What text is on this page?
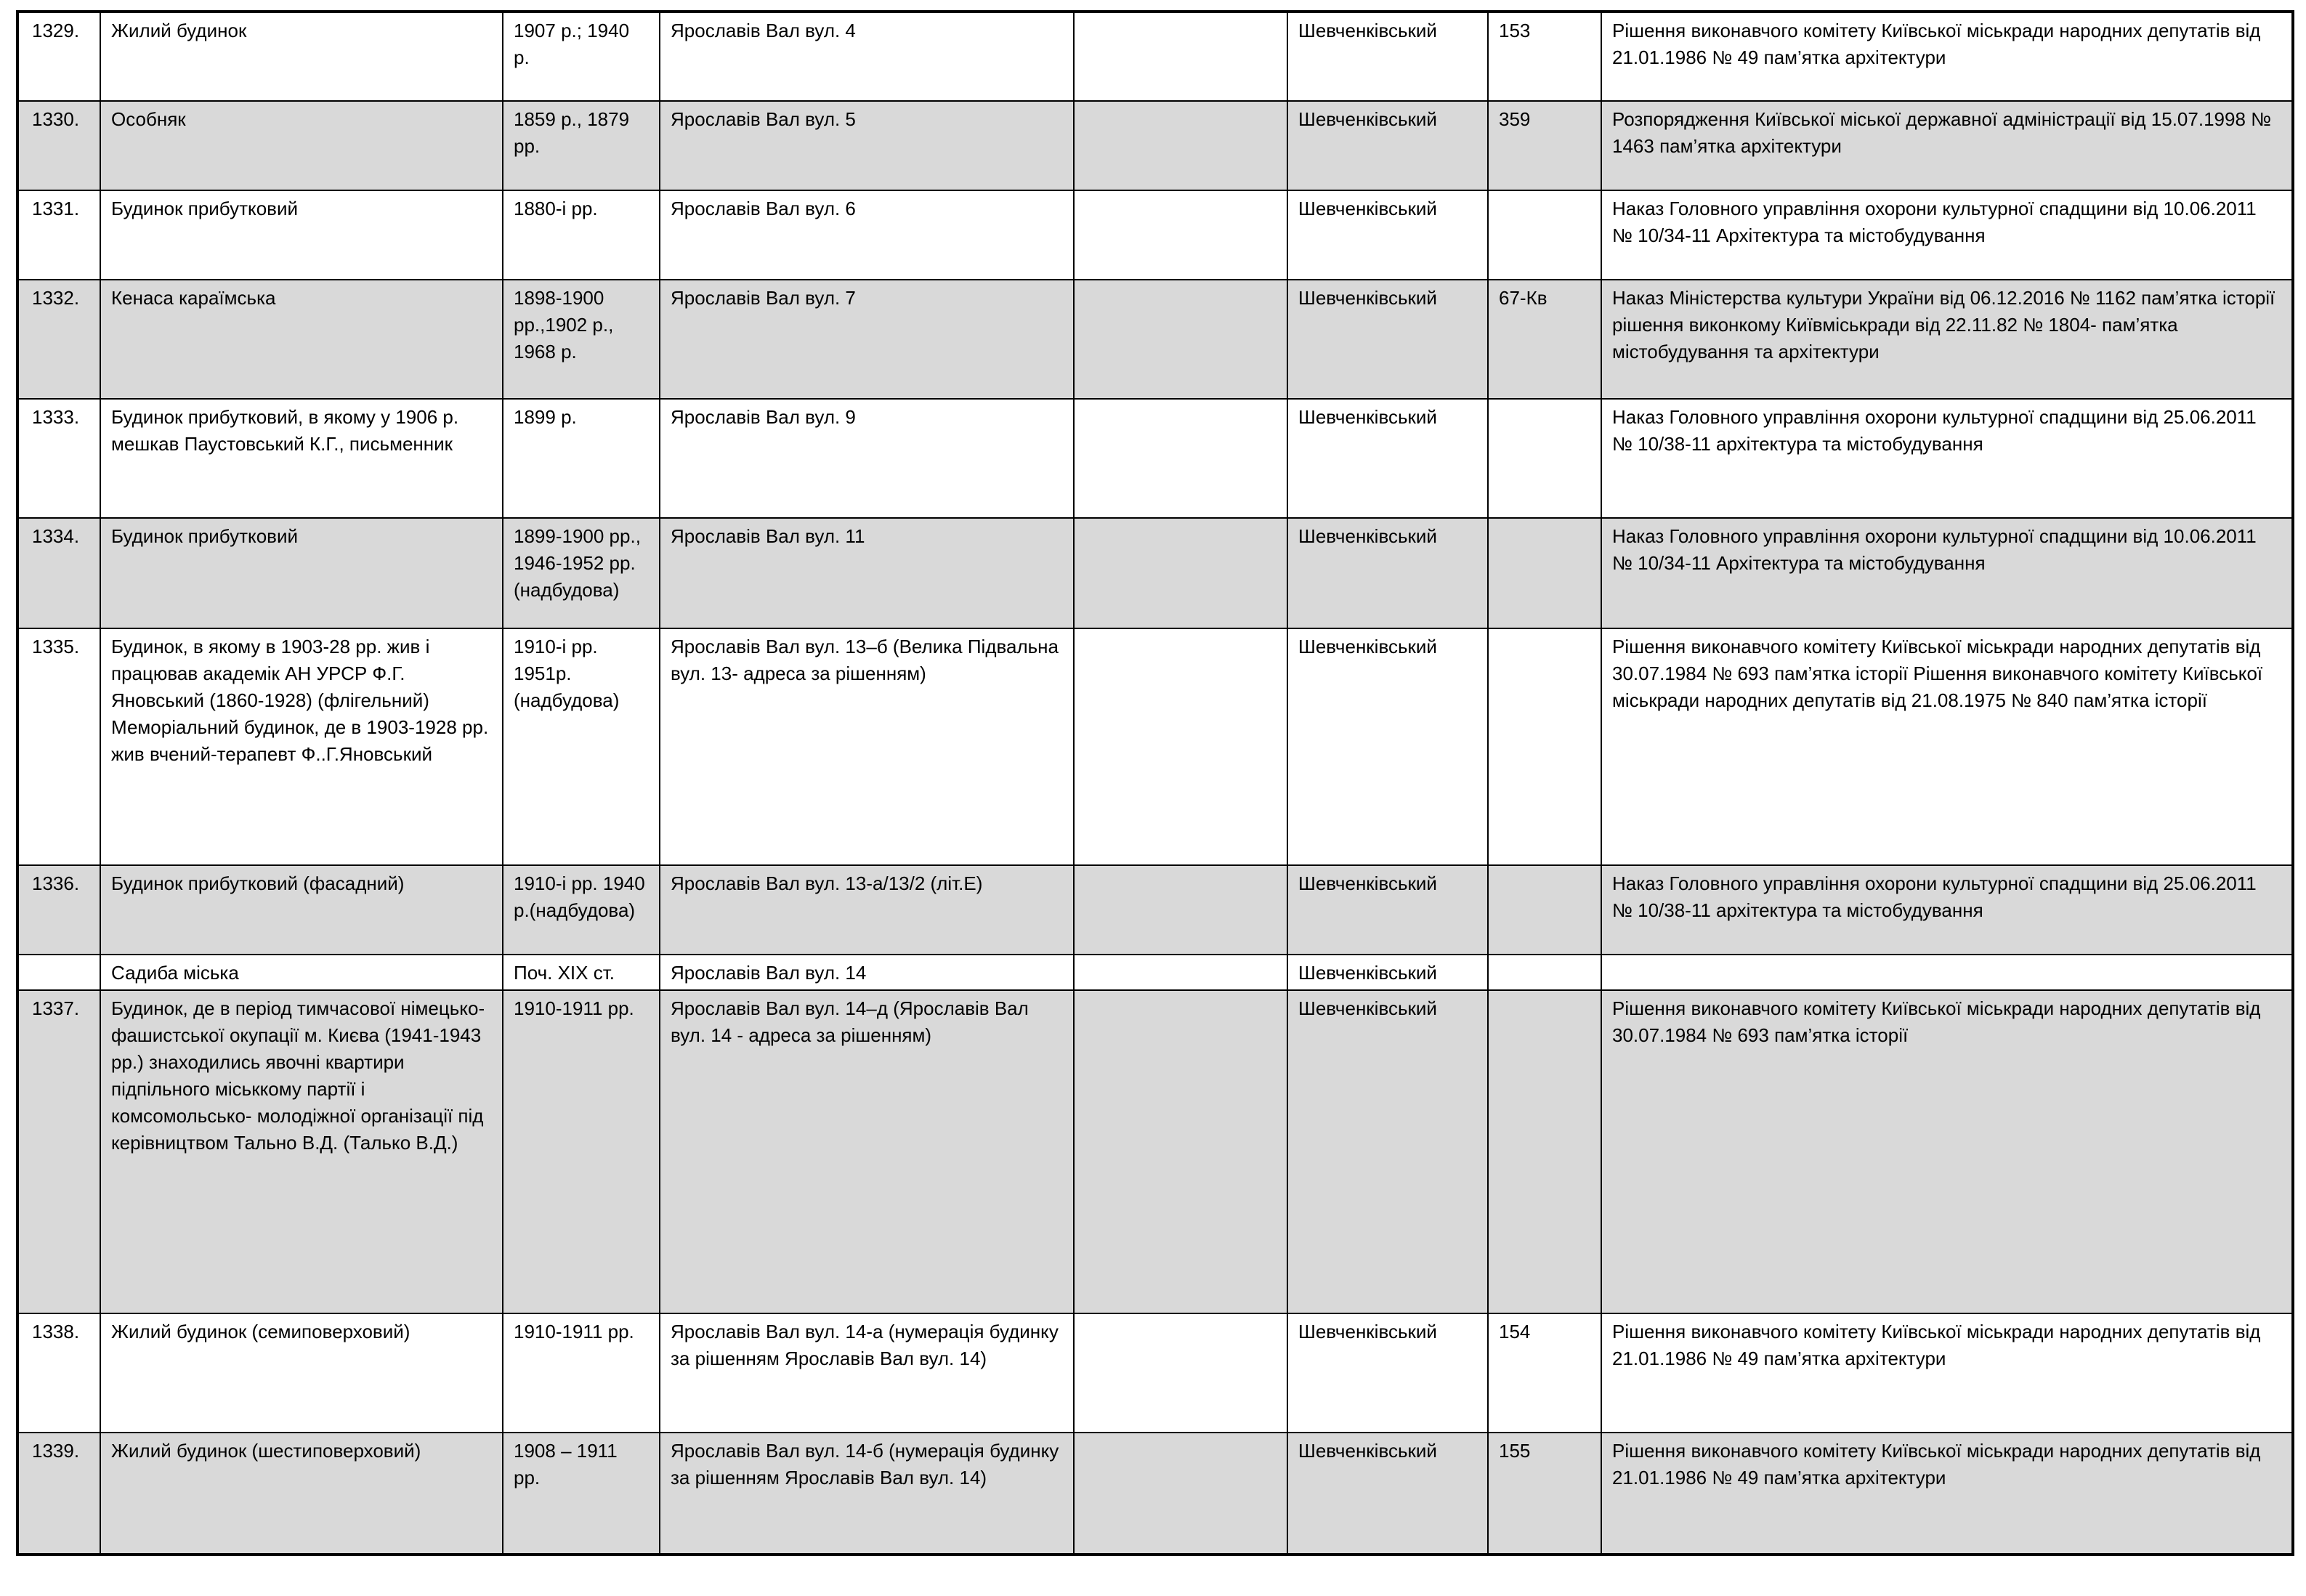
1329.	Жилий будинок	1907 р.; 1940 р.	Ярославів Вал вул. 4		Шевченківський	153	Рішення виконавчого комітету Київської міськради народних депутатів від 21.01.1986 № 49 пам’ятка архітектури
1330.	Особняк	1859 р., 1879 рр.	Ярославів Вал вул. 5		Шевченківський	359	Розпорядження Київської міської державної адміністрації від 15.07.1998 № 1463 пам’ятка архітектури
1331.	Будинок прибутковий	1880-і рр.	Ярославів Вал вул. 6		Шевченківський		Наказ Головного управління охорони культурної спадщини від 10.06.2011 № 10/34-11 Архітектура та містобудування
1332.	Кенаса караїмська	1898-1900 рр.,1902 р., 1968 р.	Ярославів Вал вул. 7		Шевченківський	67-Кв	Наказ Міністерства культури України від 06.12.2016 № 1162 пам’ятка історії рішення виконкому Київміськради від 22.11.82 № 1804- пам’ятка містобудування та архітектури
1333.	Будинок прибутковий, в якому у 1906 р. мешкав Паустовський К.Г., письменник	1899 р.	Ярославів Вал вул. 9		Шевченківський		Наказ Головного управління охорони культурної спадщини від 25.06.2011 № 10/38-11 архітектура та містобудування
1334.	Будинок прибутковий	1899-1900 рр., 1946-1952 рр. (надбудова)	Ярославів Вал вул. 11		Шевченківський		Наказ Головного управління охорони культурної спадщини від 10.06.2011 № 10/34-11 Архітектура та містобудування
1335.	Будинок, в якому в 1903-28 рр. жив і працював академік АН УРСР Ф.Г. Яновський (1860-1928) (флігельний) Меморіальний будинок, де в 1903-1928 рр. жив вчений-терапевт Ф..Г.Яновський	1910-і рр. 1951р. (надбудова)	Ярославів Вал вул. 13–б (Велика Підвальна вул. 13- адреса за рішенням)		Шевченківський		Рішення виконавчого комітету Київської міськради народних депутатів від 30.07.1984 № 693 пам’ятка історії Рішення виконавчого комітету Київської міськради народних депутатів від 21.08.1975 № 840 пам’ятка історії
1336.	Будинок прибутковий (фасадний)	1910-і рр. 1940 р.(надбудова)	Ярославів Вал вул. 13-а/13/2 (літ.Е)		Шевченківський		Наказ Головного управління охорони культурної спадщини від 25.06.2011 № 10/38-11 архітектура та містобудування
	Садиба міська	Поч. XIX ст.	Ярославів Вал вул. 14		Шевченківський		
1337.	Будинок, де в період тимчасової німецько- фашистської окупації м. Києва (1941-1943 рр.) знаходились явочні квартири підпільного міськкому партії і комсомольсько- молодіжної організації під керівництвом Тально В.Д. (Талько В.Д.)	1910-1911 рр.	Ярославів Вал вул. 14–д (Ярославів Вал вул. 14 - адреса за рішенням)		Шевченківський		Рішення виконавчого комітету Київської міськради народних депутатів від 30.07.1984 № 693 пам’ятка історії
1338.	Жилий будинок (семиповерховий)	1910-1911 рр.	Ярославів Вал вул. 14-а (нумерація будинку за рішенням Ярославів Вал вул. 14)		Шевченківський	154	Рішення виконавчого комітету Київської міськради народних депутатів від 21.01.1986 № 49 пам’ятка архітектури
1339.	Жилий будинок (шестиповерховий)	1908 – 1911 рр.	Ярославів Вал вул. 14-б (нумерація будинку за рішенням Ярославів Вал вул. 14)		Шевченківський	155	Рішення виконавчого комітету Київської міськради народних депутатів від 21.01.1986 № 49 пам’ятка архітектури
